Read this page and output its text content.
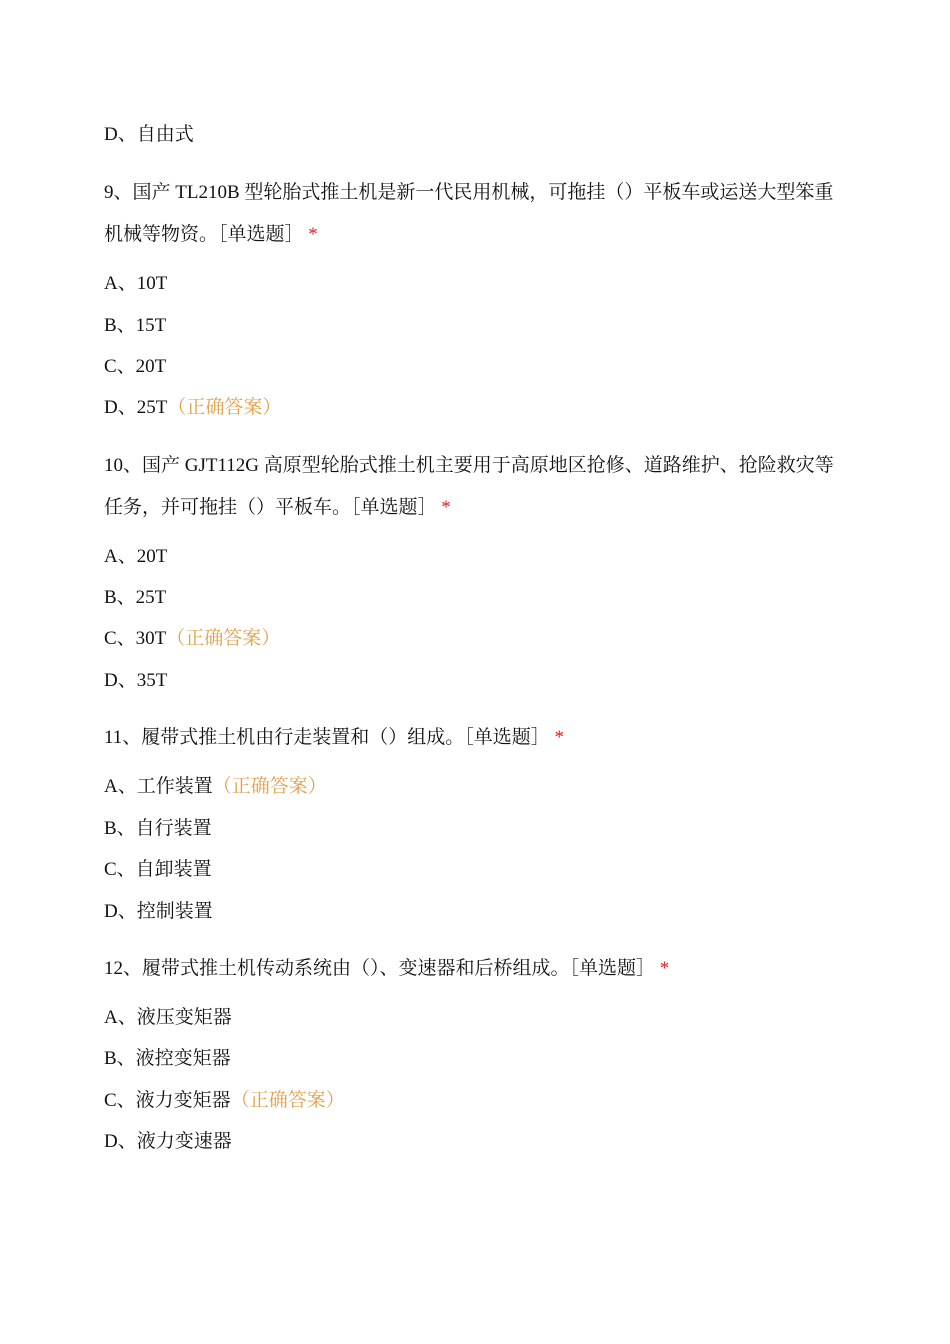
D、自由式
9、国产 TL210B 型轮胎式推土机是新一代民用机械，可拖挂（）平板车或运送大型笨重机械等物资。［单选题］ *
A、10T
B、15T
C、20T
D、25T（正确答案）
10、国产 GJT112G 高原型轮胎式推土机主要用于高原地区抢修、道路维护、抢险救灾等任务，并可拖挂（）平板车。［单选题］ *
A、20T
B、25T
C、30T（正确答案）
D、35T
11、履带式推土机由行走装置和（）组成。［单选题］ *
A、工作装置（正确答案）
B、自行装置
C、自卸装置
D、控制装置
12、履带式推土机传动系统由（）、变速器和后桥组成。［单选题］ *
A、液压变矩器
B、液控变矩器
C、液力变矩器（正确答案）
D、液力变速器
